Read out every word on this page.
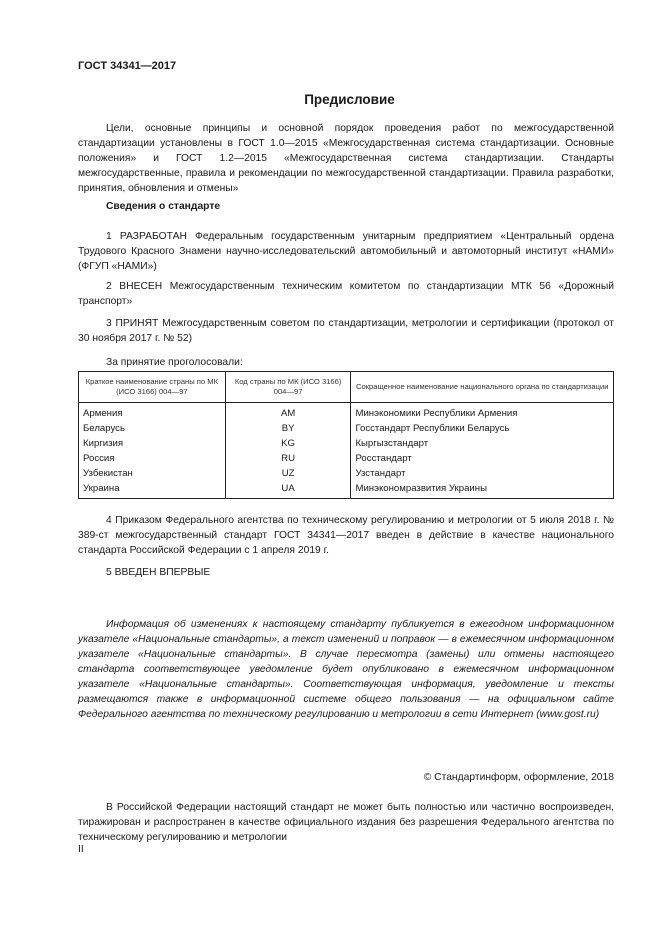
ГОСТ 34341—2017
Предисловие

Цели, основные принципы и основной порядок проведения работ по межгосударственной стандартизации установлены в ГОСТ 1.0—2015 «Межгосударственная система стандартизации. Основные положения» и ГОСТ 1.2—2015 «Межгосударственная система стандартизации. Стандарты межгосударственные, правила и рекомендации по межгосударственной стандартизации. Правила разработки, принятия, обновления и отмены»

Сведения о стандарте

1 РАЗРАБОТАН Федеральным государственным унитарным предприятием «Центральный ордена Трудового Красного Знамени научно-исследовательский автомобильный и автомоторный институт «НАМИ» (ФГУП «НАМИ»)

2 ВНЕСЕН Межгосударственным техническим комитетом по стандартизации МТК 56 «Дорожный транспорт»

3 ПРИНЯТ Межгосударственным советом по стандартизации, метрологии и сертификации (протокол от 30 ноября 2017 г. № 52)

За принятие проголосовали:

Краткое наименование страны по МК (ИСО 3166) 004—97	Код страны по МК (ИСО 3166) 004—97	Сокращенное наименование национального органа по стандартизации
Армения	AM	Минэкономики Республики Армения
Беларусь	BY	Госстандарт Республики Беларусь
Киргизия	KG	Кыргызстандарт
Россия	RU	Росстандарт
Узбекистан	UZ	Узстандарт
Украина	UA	Минэкономразвития Украины

4 Приказом Федерального агентства по техническому регулированию и метрологии от 5 июля 2018 г. № 389-ст межгосударственный стандарт ГОСТ 34341—2017 введен в действие в качестве национального стандарта Российской Федерации с 1 апреля 2019 г.

5 ВВЕДЕН ВПЕРВЫЕ

Информация об изменениях к настоящему стандарту публикуется в ежегодном информационном указателе «Национальные стандарты», а текст изменений и поправок — в ежемесячном информационном указателе «Национальные стандарты». В случае пересмотра (замены) или отмены настоящего стандарта соответствующее уведомление будет опубликовано в ежемесячном информационном указателе «Национальные стандарты». Соответствующая информация, уведомление и тексты размещаются также в информационной системе общего пользования — на официальном сайте Федерального агентства по техническому регулированию и метрологии в сети Интернет (www.gost.ru)

© Стандартинформ, оформление, 2018

В Российской Федерации настоящий стандарт не может быть полностью или частично воспроизведен, тиражирован и распространен в качестве официального издания без разрешения Федерального агентства по техническому регулированию и метрологии

II
